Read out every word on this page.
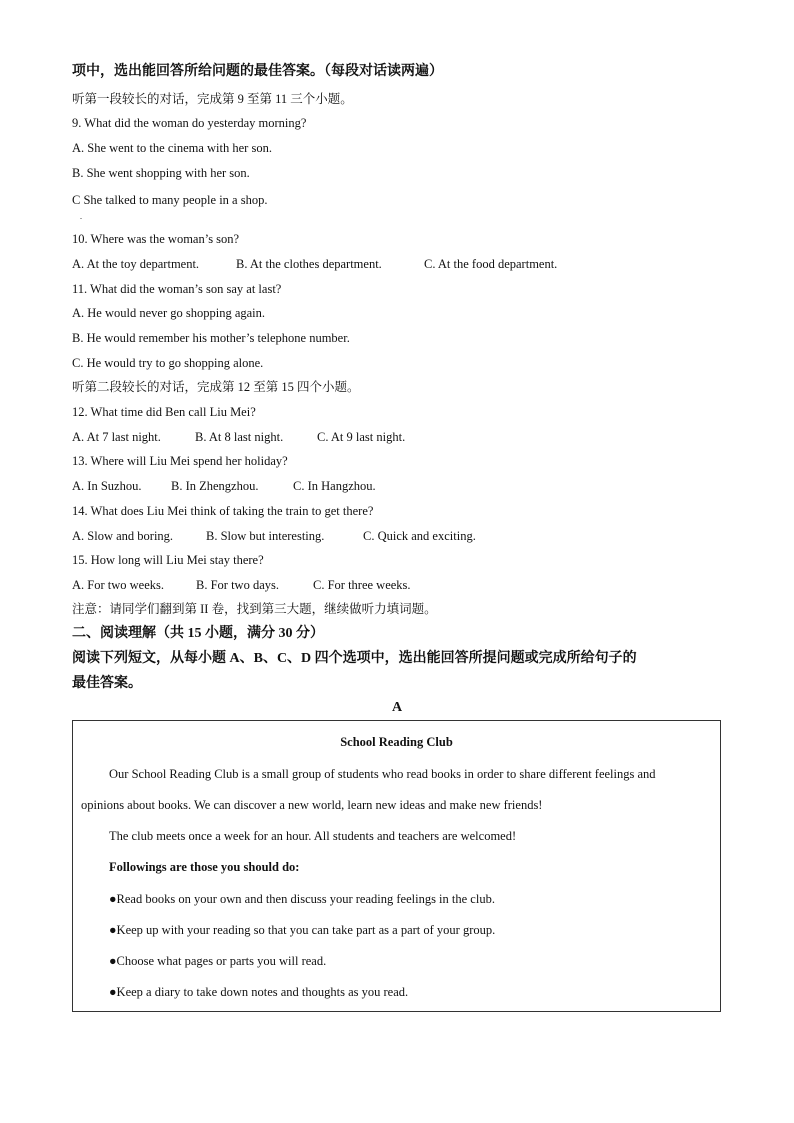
项中，选出能回答所给问题的最佳答案。（每段对话读两遍）
听第一段较长的对话，完成第 9 至第 11 三个小题。
9. What did the woman do yesterday morning?
A. She went to the cinema with her son.
B. She went shopping with her son.
C She talked to many people in a shop.
.
10. Where was the woman’s son?
A. At the toy department.	B. At the clothes department.	C. At the food department.
11. What did the woman’s son say at last?
A. He would never go shopping again.
B. He would remember his mother’s telephone number.
C. He would try to go shopping alone.
听第二段较长的对话，完成第 12 至第 15 四个小题。
12. What time did Ben call Liu Mei?
A. At 7 last night.	B. At 8 last night.	C. At 9 last night.
13. Where will Liu Mei spend her holiday?
A. In Suzhou. B. In Zhengzhou.	C. In Hangzhou.
14. What does Liu Mei think of taking the train to get there?
A. Slow and boring.	B. Slow but interesting.	C. Quick and exciting.
15. How long will Liu Mei stay there?
A. For two weeks.	B. For two days.	C. For three weeks.
注意：请同学们翻到第 II 卷，找到第三大题，继续做听力填词题。
二、阅读理解（共 15 小题，满分 30 分）
阅读下列短文，从每小题 A、B、C、D 四个选项中，选出能回答所提问题或完成所给句子的
最佳答案。
A
School Reading Club
Our School Reading Club is a small group of students who read books in order to share different feelings and
opinions about books. We can discover a new world, learn new ideas and make new friends!
The club meets once a week for an hour. All students and teachers are welcomed!
Followings are those you should do:
●Read books on your own and then discuss your reading feelings in the club.
●Keep up with your reading so that you can take part as a part of your group.
●Choose what pages or parts you will read.
●Keep a diary to take down notes and thoughts as you read.
